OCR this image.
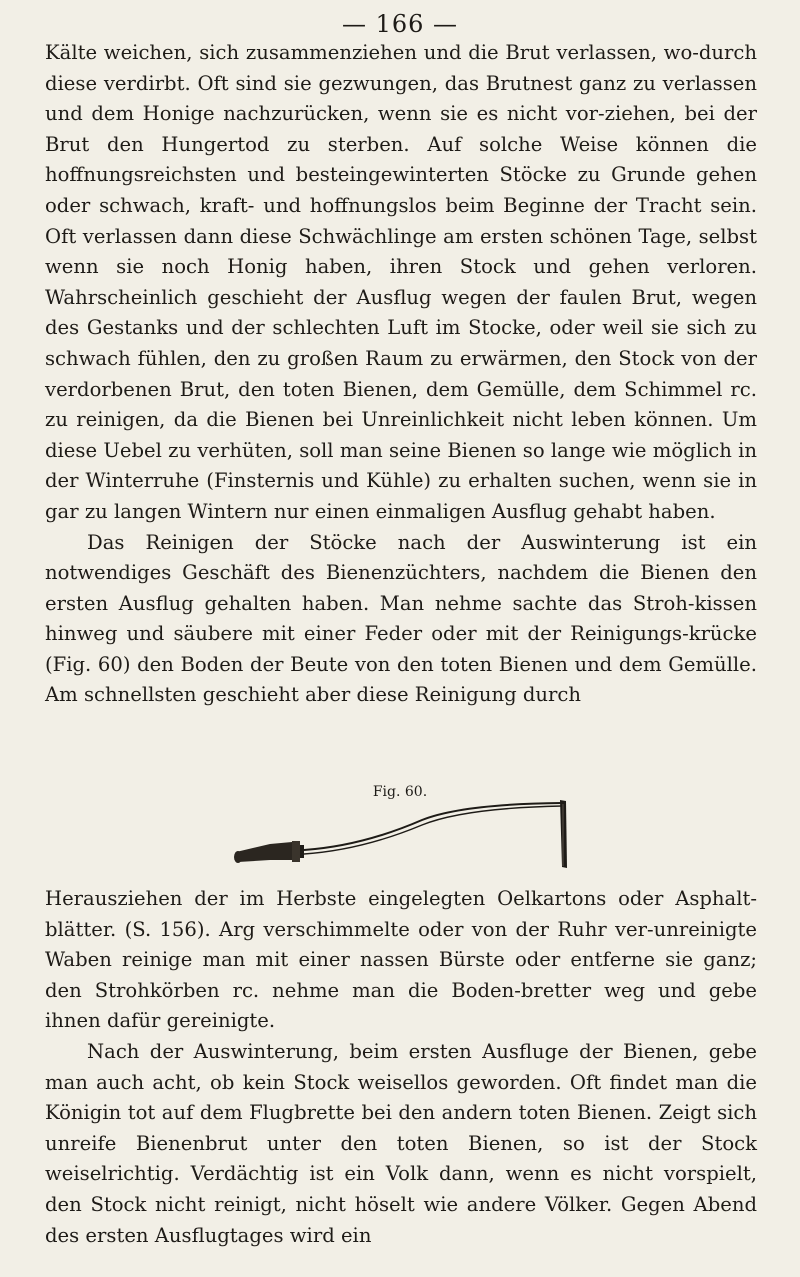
— 166 —

Kälte weichen, sich zusammenziehen und die Brut verlassen, wo-durch diese verdirbt. Oft sind sie gezwungen, das Brutnest ganz zu verlassen und dem Honige nachzurücken, wenn sie es nicht vor-ziehen, bei der Brut den Hungertod zu sterben. Auf solche Weise können die hoffnungsreichsten und besteingewinterten Stöcke zu Grunde gehen oder schwach, kraft- und hoffnungslos beim Beginne der Tracht sein. Oft verlassen dann diese Schwächlinge am ersten schönen Tage, selbst wenn sie noch Honig haben, ihren Stock und gehen verloren. Wahrscheinlich geschieht der Ausflug wegen der faulen Brut, wegen des Gestanks und der schlechten Luft im Stocke, oder weil sie sich zu schwach fühlen, den zu großen Raum zu erwärmen, den Stock von der verdorbenen Brut, den toten Bienen, dem Gemülle, dem Schimmel rc. zu reinigen, da die Bienen bei Unreinlichkeit nicht leben können. Um diese Uebel zu verhüten, soll man seine Bienen so lange wie möglich in der Winterruhe (Finsternis und Kühle) zu erhalten suchen, wenn sie in gar zu langen Wintern nur einen einmaligen Ausflug gehabt haben.

Das Reinigen der Stöcke nach der Auswinterung ist ein notwendiges Geschäft des Bienenzüchters, nachdem die Bienen den ersten Ausflug gehalten haben. Man nehme sachte das Stroh-kissen hinweg und säubere mit einer Feder oder mit der Reinigungs-krücke (Fig. 60) den Boden der Beute von den toten Bienen und dem Gemülle. Am schnellsten geschieht aber diese Reinigung durch

Fig. 60.

Herausziehen der im Herbste eingelegten Oelkartons oder Asphalt-blätter. (S. 156). Arg verschimmelte oder von der Ruhr ver-unreinigte Waben reinige man mit einer nassen Bürste oder entferne sie ganz; den Strohkörben rc. nehme man die Boden-bretter weg und gebe ihnen dafür gereinigte.

Nach der Auswinterung, beim ersten Ausfluge der Bienen, gebe man auch acht, ob kein Stock weisellos geworden. Oft findet man die Königin tot auf dem Flugbrette bei den andern toten Bienen. Zeigt sich unreife Bienenbrut unter den toten Bienen, so ist der Stock weiselrichtig. Verdächtig ist ein Volk dann, wenn es nicht vorspielt, den Stock nicht reinigt, nicht höselt wie andere Völker. Gegen Abend des ersten Ausflugtages wird ein
